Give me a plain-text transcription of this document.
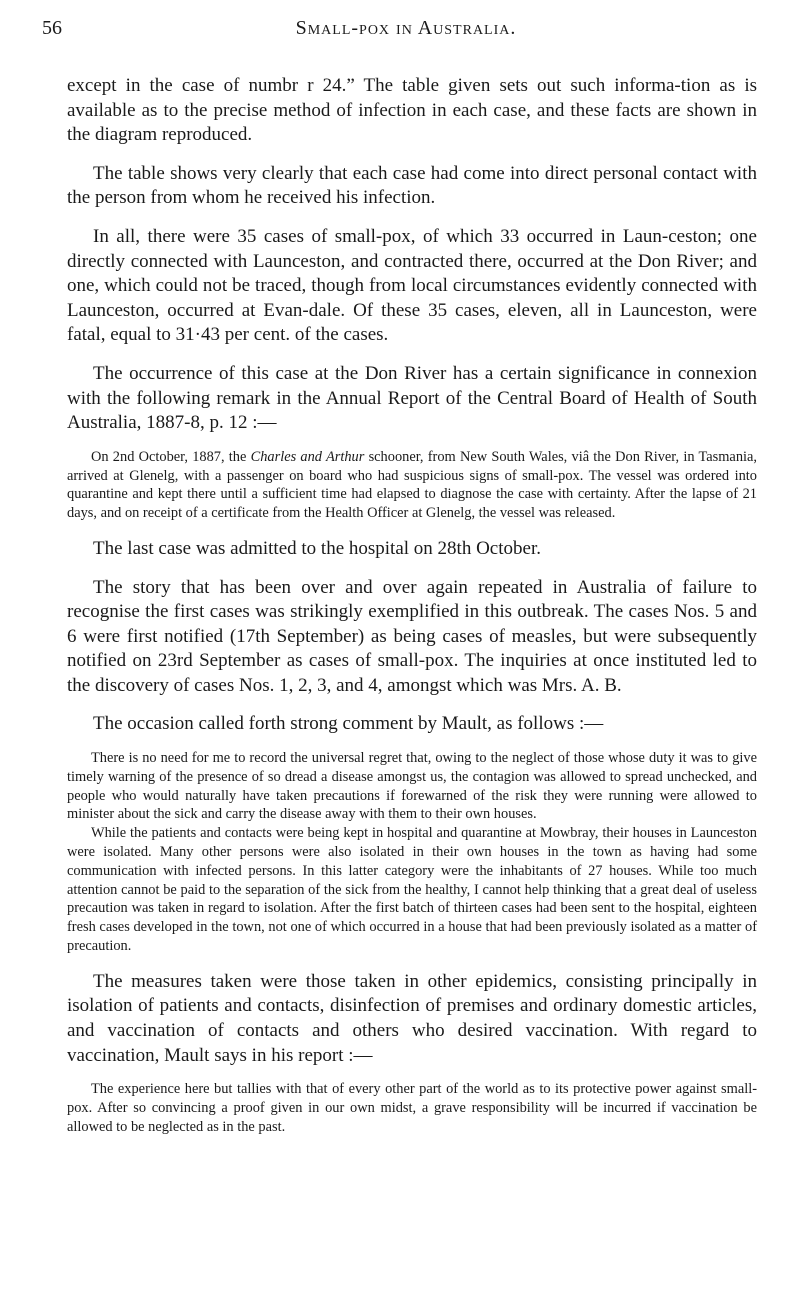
56	Small-pox in Australia.

except in the case of numbr r 24.” The table given sets out such informa-tion as is available as to the precise method of infection in each case, and these facts are shown in the diagram reproduced.

The table shows very clearly that each case had come into direct personal contact with the person from whom he received his infection.

In all, there were 35 cases of small-pox, of which 33 occurred in Laun-ceston; one directly connected with Launceston, and contracted there, occurred at the Don River; and one, which could not be traced, though from local circumstances evidently connected with Launceston, occurred at Evan-dale. Of these 35 cases, eleven, all in Launceston, were fatal, equal to 31·43 per cent. of the cases.

The occurrence of this case at the Don River has a certain significance in connexion with the following remark in the Annual Report of the Central Board of Health of South Australia, 1887-8, p. 12 :—

On 2nd October, 1887, the Charles and Arthur schooner, from New South Wales, viâ the Don River, in Tasmania, arrived at Glenelg, with a passenger on board who had suspicious signs of small-pox. The vessel was ordered into quarantine and kept there until a sufficient time had elapsed to diagnose the case with certainty. After the lapse of 21 days, and on receipt of a certificate from the Health Officer at Glenelg, the vessel was released.

The last case was admitted to the hospital on 28th October.

The story that has been over and over again repeated in Australia of failure to recognise the first cases was strikingly exemplified in this outbreak. The cases Nos. 5 and 6 were first notified (17th September) as being cases of measles, but were subsequently notified on 23rd September as cases of small-pox. The inquiries at once instituted led to the discovery of cases Nos. 1, 2, 3, and 4, amongst which was Mrs. A. B.

The occasion called forth strong comment by Mault, as follows :—

There is no need for me to record the universal regret that, owing to the neglect of those whose duty it was to give timely warning of the presence of so dread a disease amongst us, the contagion was allowed to spread unchecked, and people who would naturally have taken precautions if forewarned of the risk they were running were allowed to minister about the sick and carry the disease away with them to their own houses.

While the patients and contacts were being kept in hospital and quarantine at Mowbray, their houses in Launceston were isolated. Many other persons were also isolated in their own houses in the town as having had some communication with infected persons. In this latter category were the inhabitants of 27 houses. While too much attention cannot be paid to the separation of the sick from the healthy, I cannot help thinking that a great deal of useless precaution was taken in regard to isolation. After the first batch of thirteen cases had been sent to the hospital, eighteen fresh cases developed in the town, not one of which occurred in a house that had been previously isolated as a matter of precaution.

The measures taken were those taken in other epidemics, consisting principally in isolation of patients and contacts, disinfection of premises and ordinary domestic articles, and vaccination of contacts and others who desired vaccination. With regard to vaccination, Mault says in his report :—

The experience here but tallies with that of every other part of the world as to its protective power against small-pox. After so convincing a proof given in our own midst, a grave responsibility will be incurred if vaccination be allowed to be neglected as in the past.
